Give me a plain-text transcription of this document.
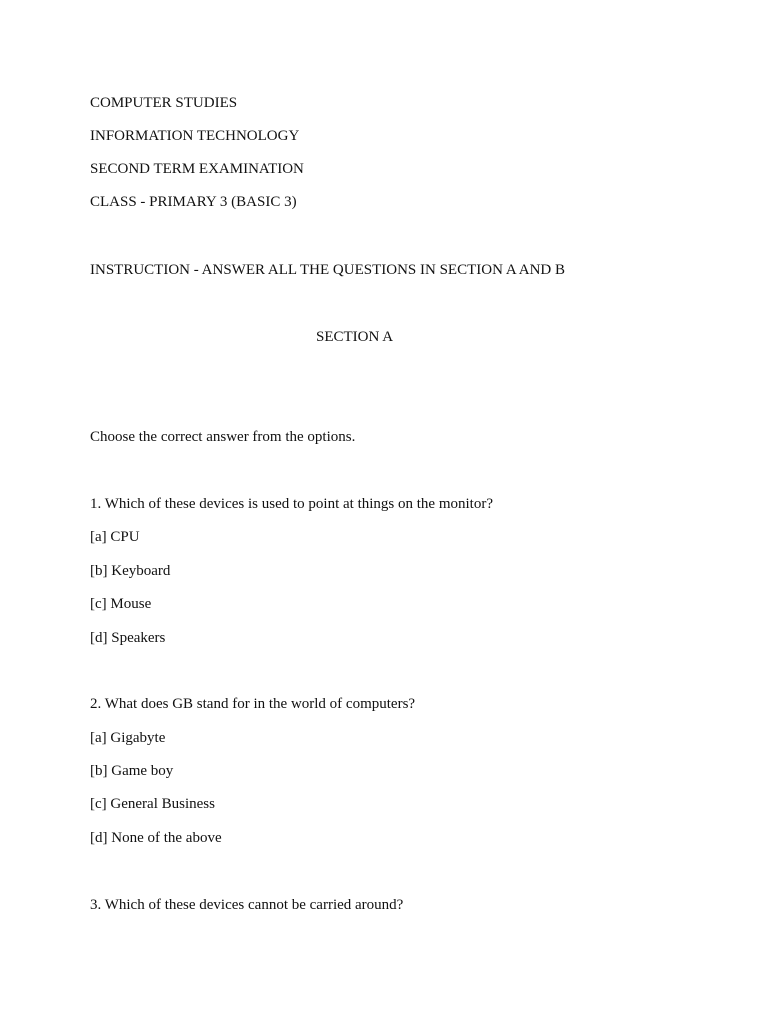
COMPUTER STUDIES
INFORMATION TECHNOLOGY
SECOND TERM EXAMINATION
CLASS - PRIMARY 3 (BASIC 3)
INSTRUCTION - ANSWER ALL THE QUESTIONS IN SECTION A AND B
SECTION A
Choose the correct answer from the options.
1. Which of these devices is used to point at things on the monitor?
[a] CPU
[b] Keyboard
[c] Mouse
[d] Speakers
2. What does GB stand for in the world of computers?
[a] Gigabyte
[b] Game boy
[c] General Business
[d] None of the above
3. Which of these devices cannot be carried around?
